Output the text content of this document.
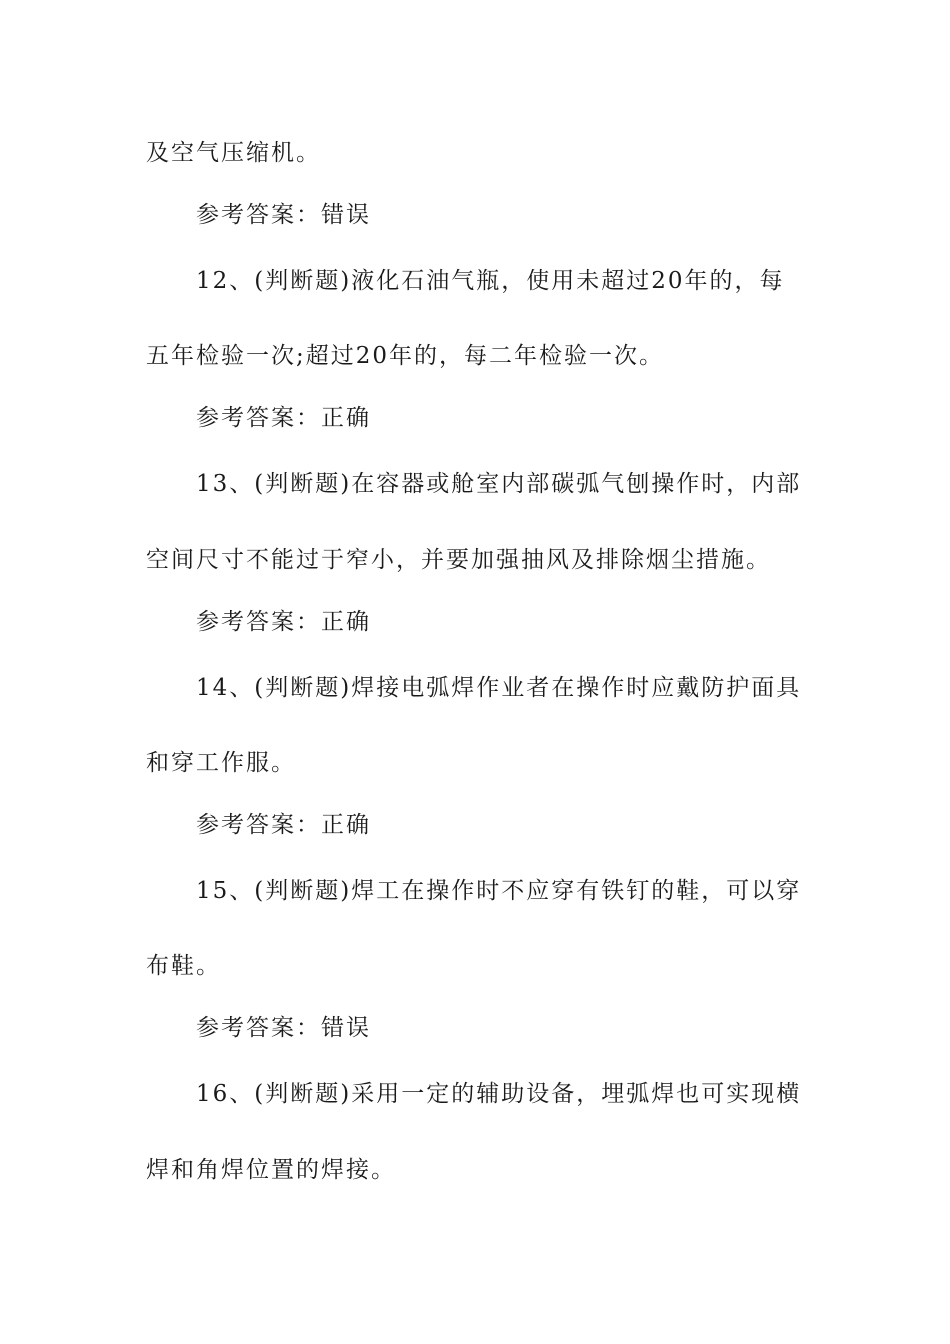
及空气压缩机。
参考答案：错误
12、(判断题)液化石油气瓶，使用未超过20年的，每
五年检验一次;超过20年的，每二年检验一次。
参考答案：正确
13、(判断题)在容器或舱室内部碳弧气刨操作时，内部
空间尺寸不能过于窄小，并要加强抽风及排除烟尘措施。
参考答案：正确
14、(判断题)焊接电弧焊作业者在操作时应戴防护面具
和穿工作服。
参考答案：正确
15、(判断题)焊工在操作时不应穿有铁钉的鞋，可以穿
布鞋。
参考答案：错误
16、(判断题)采用一定的辅助设备，埋弧焊也可实现横
焊和角焊位置的焊接。
